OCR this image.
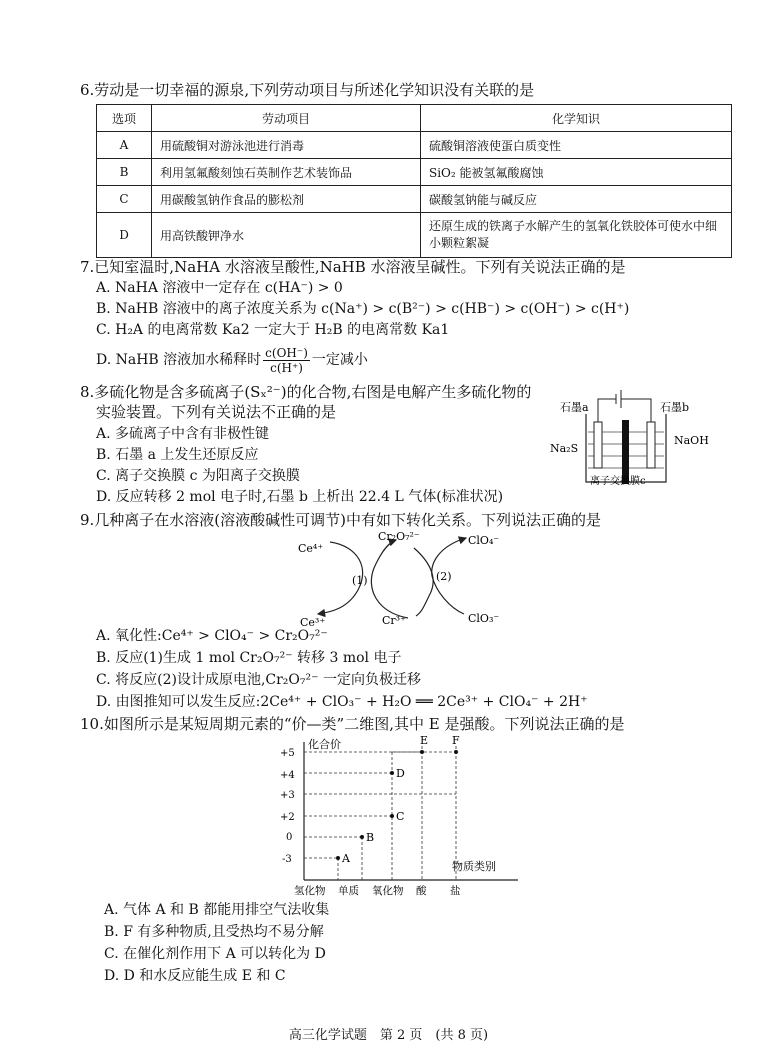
6.劳动是一切幸福的源泉,下列劳动项目与所述化学知识没有关联的是
选项	劳动项目	化学知识
A	用硫酸铜对游泳池进行消毒	硫酸铜溶液使蛋白质变性
B	利用氢氟酸刻蚀石英制作艺术装饰品	SiO₂ 能被氢氟酸腐蚀
C	用碳酸氢钠作食品的膨松剂	碳酸氢钠能与碱反应
D	用高铁酸钾净水	还原生成的铁离子水解产生的氢氧化铁胶体可使水中细小颗粒絮凝
7.已知室温时,NaHA 水溶液呈酸性,NaHB 水溶液呈碱性。下列有关说法正确的是
A. NaHA 溶液中一定存在 c(HA⁻) > 0
B. NaHB 溶液中的离子浓度关系为 c(Na⁺) > c(B²⁻) > c(HB⁻) > c(OH⁻) > c(H⁺)
C. H₂A 的电离常数 Ka2 一定大于 H₂B 的电离常数 Ka1
D. NaHB 溶液加水稀释时 $\frac{c(OH^-)}{c(H^+)}$ 一定减小
8.多硫化物是含多硫离子(Sₓ²⁻)的化合物,右图是电解产生多硫化物的
实验装置。下列有关说法不正确的是
A. 多硫离子中含有非极性键
B. 石墨 a 上发生还原反应
C. 离子交换膜 c 为阳离子交换膜
D. 反应转移 2 mol 电子时,石墨 b 上析出 22.4 L 气体(标准状况)
石墨a	石墨b
Na₂S
NaOH
离子交换膜c
9.几种离子在水溶液(溶液酸碱性可调节)中有如下转化关系。下列说法正确的是
Ce⁴⁺
Ce³⁺
Cr₂O₇²⁻
Cr³⁺
ClO₄⁻
ClO₃⁻
(1)	(2)
A. 氧化性:Ce⁴⁺ > ClO₄⁻ > Cr₂O₇²⁻
B. 反应(1)生成 1 mol Cr₂O₇²⁻ 转移 3 mol 电子
C. 将反应(2)设计成原电池,Cr₂O₇²⁻ 一定向负极迁移
D. 由图推知可以发生反应:2Ce⁴⁺ + ClO₃⁻ + H₂O ══ 2Ce³⁺ + ClO₄⁻ + 2H⁺
10.如图所示是某短周期元素的“价—类”二维图,其中 E 是强酸。下列说法正确的是
化合价
物质类别
+5
+4
+3
+2
0
-3	A
B
C
D
E F
氢化物 单质 氧化物 酸 盐
A. 气体 A 和 B 都能用排空气法收集
B. F 有多种物质,且受热均不易分解
C. 在催化剂作用下 A 可以转化为 D
D. D 和水反应能生成 E 和 C
高三化学试题　第 2 页　(共 8 页)
